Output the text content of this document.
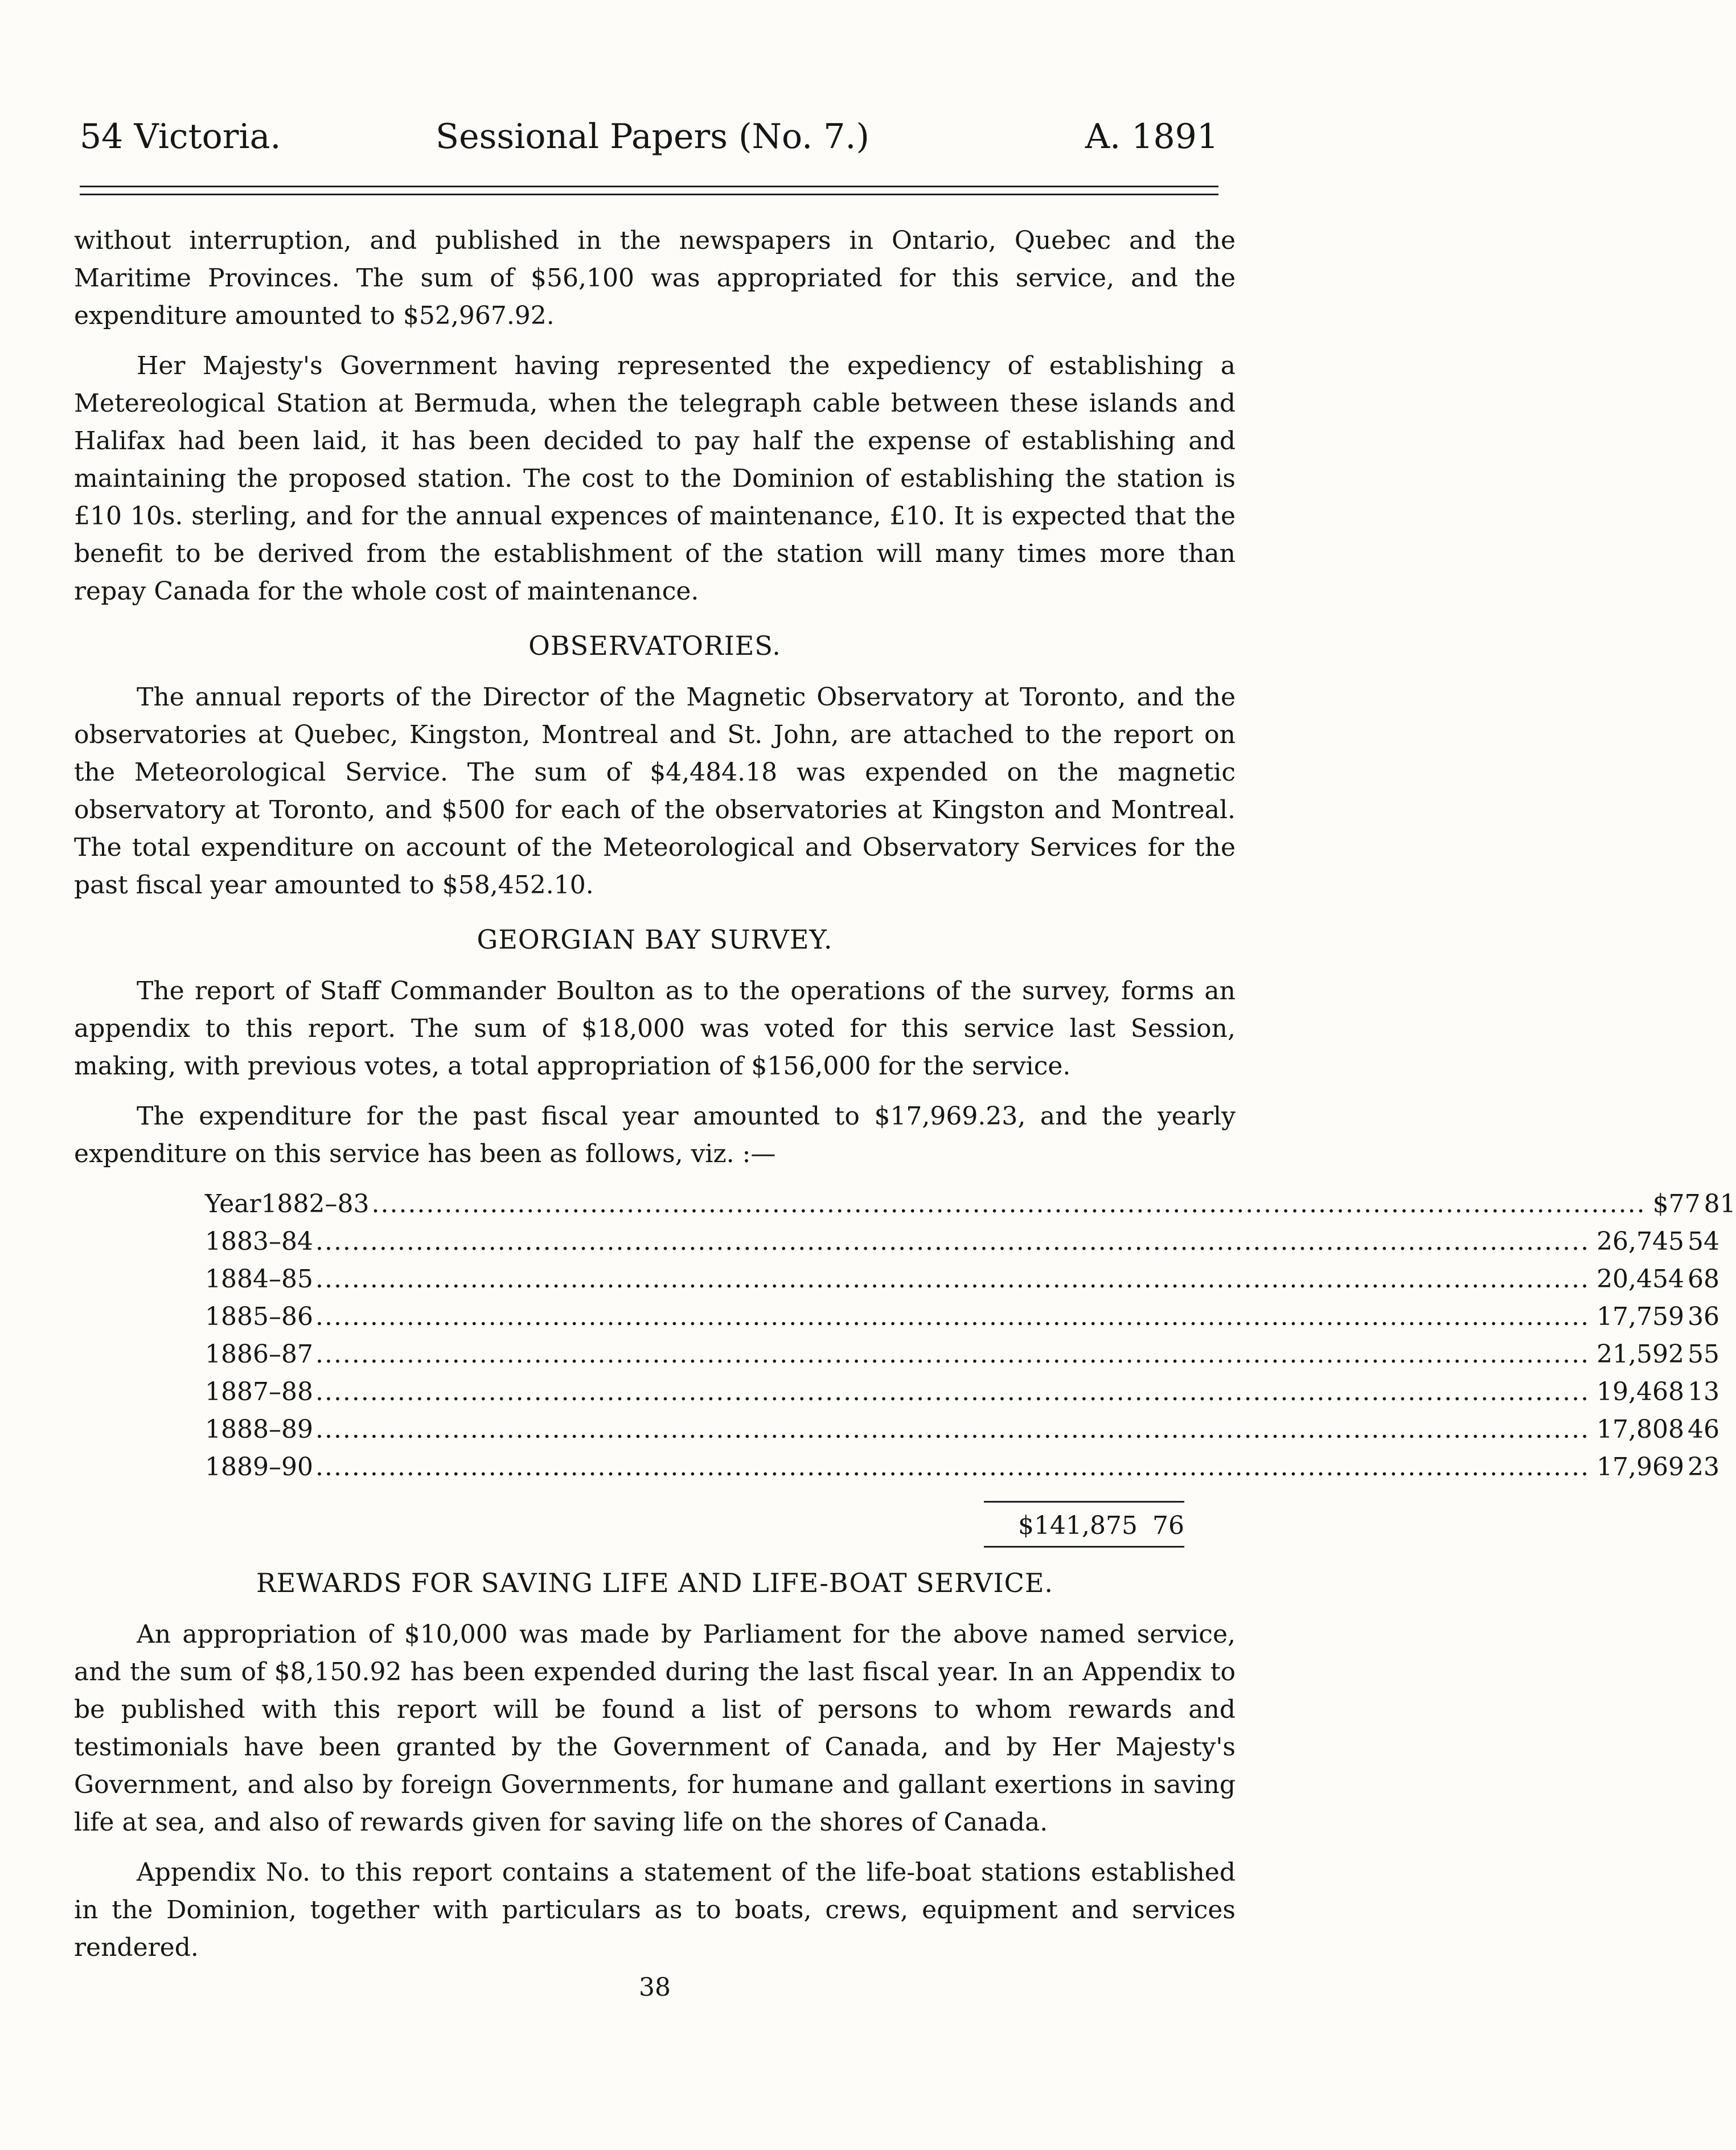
54 Victoria.	Sessional Papers (No. 7.)	A. 1891

without interruption, and published in the newspapers in Ontario, Quebec and the Maritime Provinces. The sum of $56,100 was appropriated for this service, and the expenditure amounted to $52,967.92.

Her Majesty's Government having represented the expediency of establishing a Metereological Station at Bermuda, when the telegraph cable between these islands and Halifax had been laid, it has been decided to pay half the expense of establishing and maintaining the proposed station. The cost to the Dominion of establishing the station is £10 10s. sterling, and for the annual expences of maintenance, £10. It is expected that the benefit to be derived from the establishment of the station will many times more than repay Canada for the whole cost of maintenance.

OBSERVATORIES.

The annual reports of the Director of the Magnetic Observatory at Toronto, and the observatories at Quebec, Kingston, Montreal and St. John, are attached to the report on the Meteorological Service. The sum of $4,484.18 was expended on the magnetic observatory at Toronto, and $500 for each of the observatories at Kingston and Montreal. The total expenditure on account of the Meteorological and Observatory Services for the past fiscal year amounted to $58,452.10.

GEORGIAN BAY SURVEY.

The report of Staff Commander Boulton as to the operations of the survey, forms an appendix to this report. The sum of $18,000 was voted for this service last Session, making, with previous votes, a total appropriation of $156,000 for the service.

The expenditure for the past fiscal year amounted to $17,969.23, and the yearly expenditure on this service has been as follows, viz. :—

Year 1882–83 ............................................................................................................................................ $ 77 81
1883–84 ............................................................................................................................................ 26,745 54
1884–85 ............................................................................................................................................ 20,454 68
1885–86 ............................................................................................................................................ 17,759 36
1886–87 ............................................................................................................................................ 21,592 55
1887–88 ............................................................................................................................................ 19,468 13
1888–89 ............................................................................................................................................ 17,808 46
1889–90 ............................................................................................................................................ 17,969 23
$141,875 76
REWARDS FOR SAVING LIFE AND LIFE-BOAT SERVICE.

An appropriation of $10,000 was made by Parliament for the above named service, and the sum of $8,150.92 has been expended during the last fiscal year. In an Appendix to be published with this report will be found a list of persons to whom rewards and testimonials have been granted by the Government of Canada, and by Her Majesty's Government, and also by foreign Governments, for humane and gallant exertions in saving life at sea, and also of rewards given for saving life on the shores of Canada.

Appendix No. to this report contains a statement of the life-boat stations established in the Dominion, together with particulars as to boats, crews, equipment and services rendered.

38
